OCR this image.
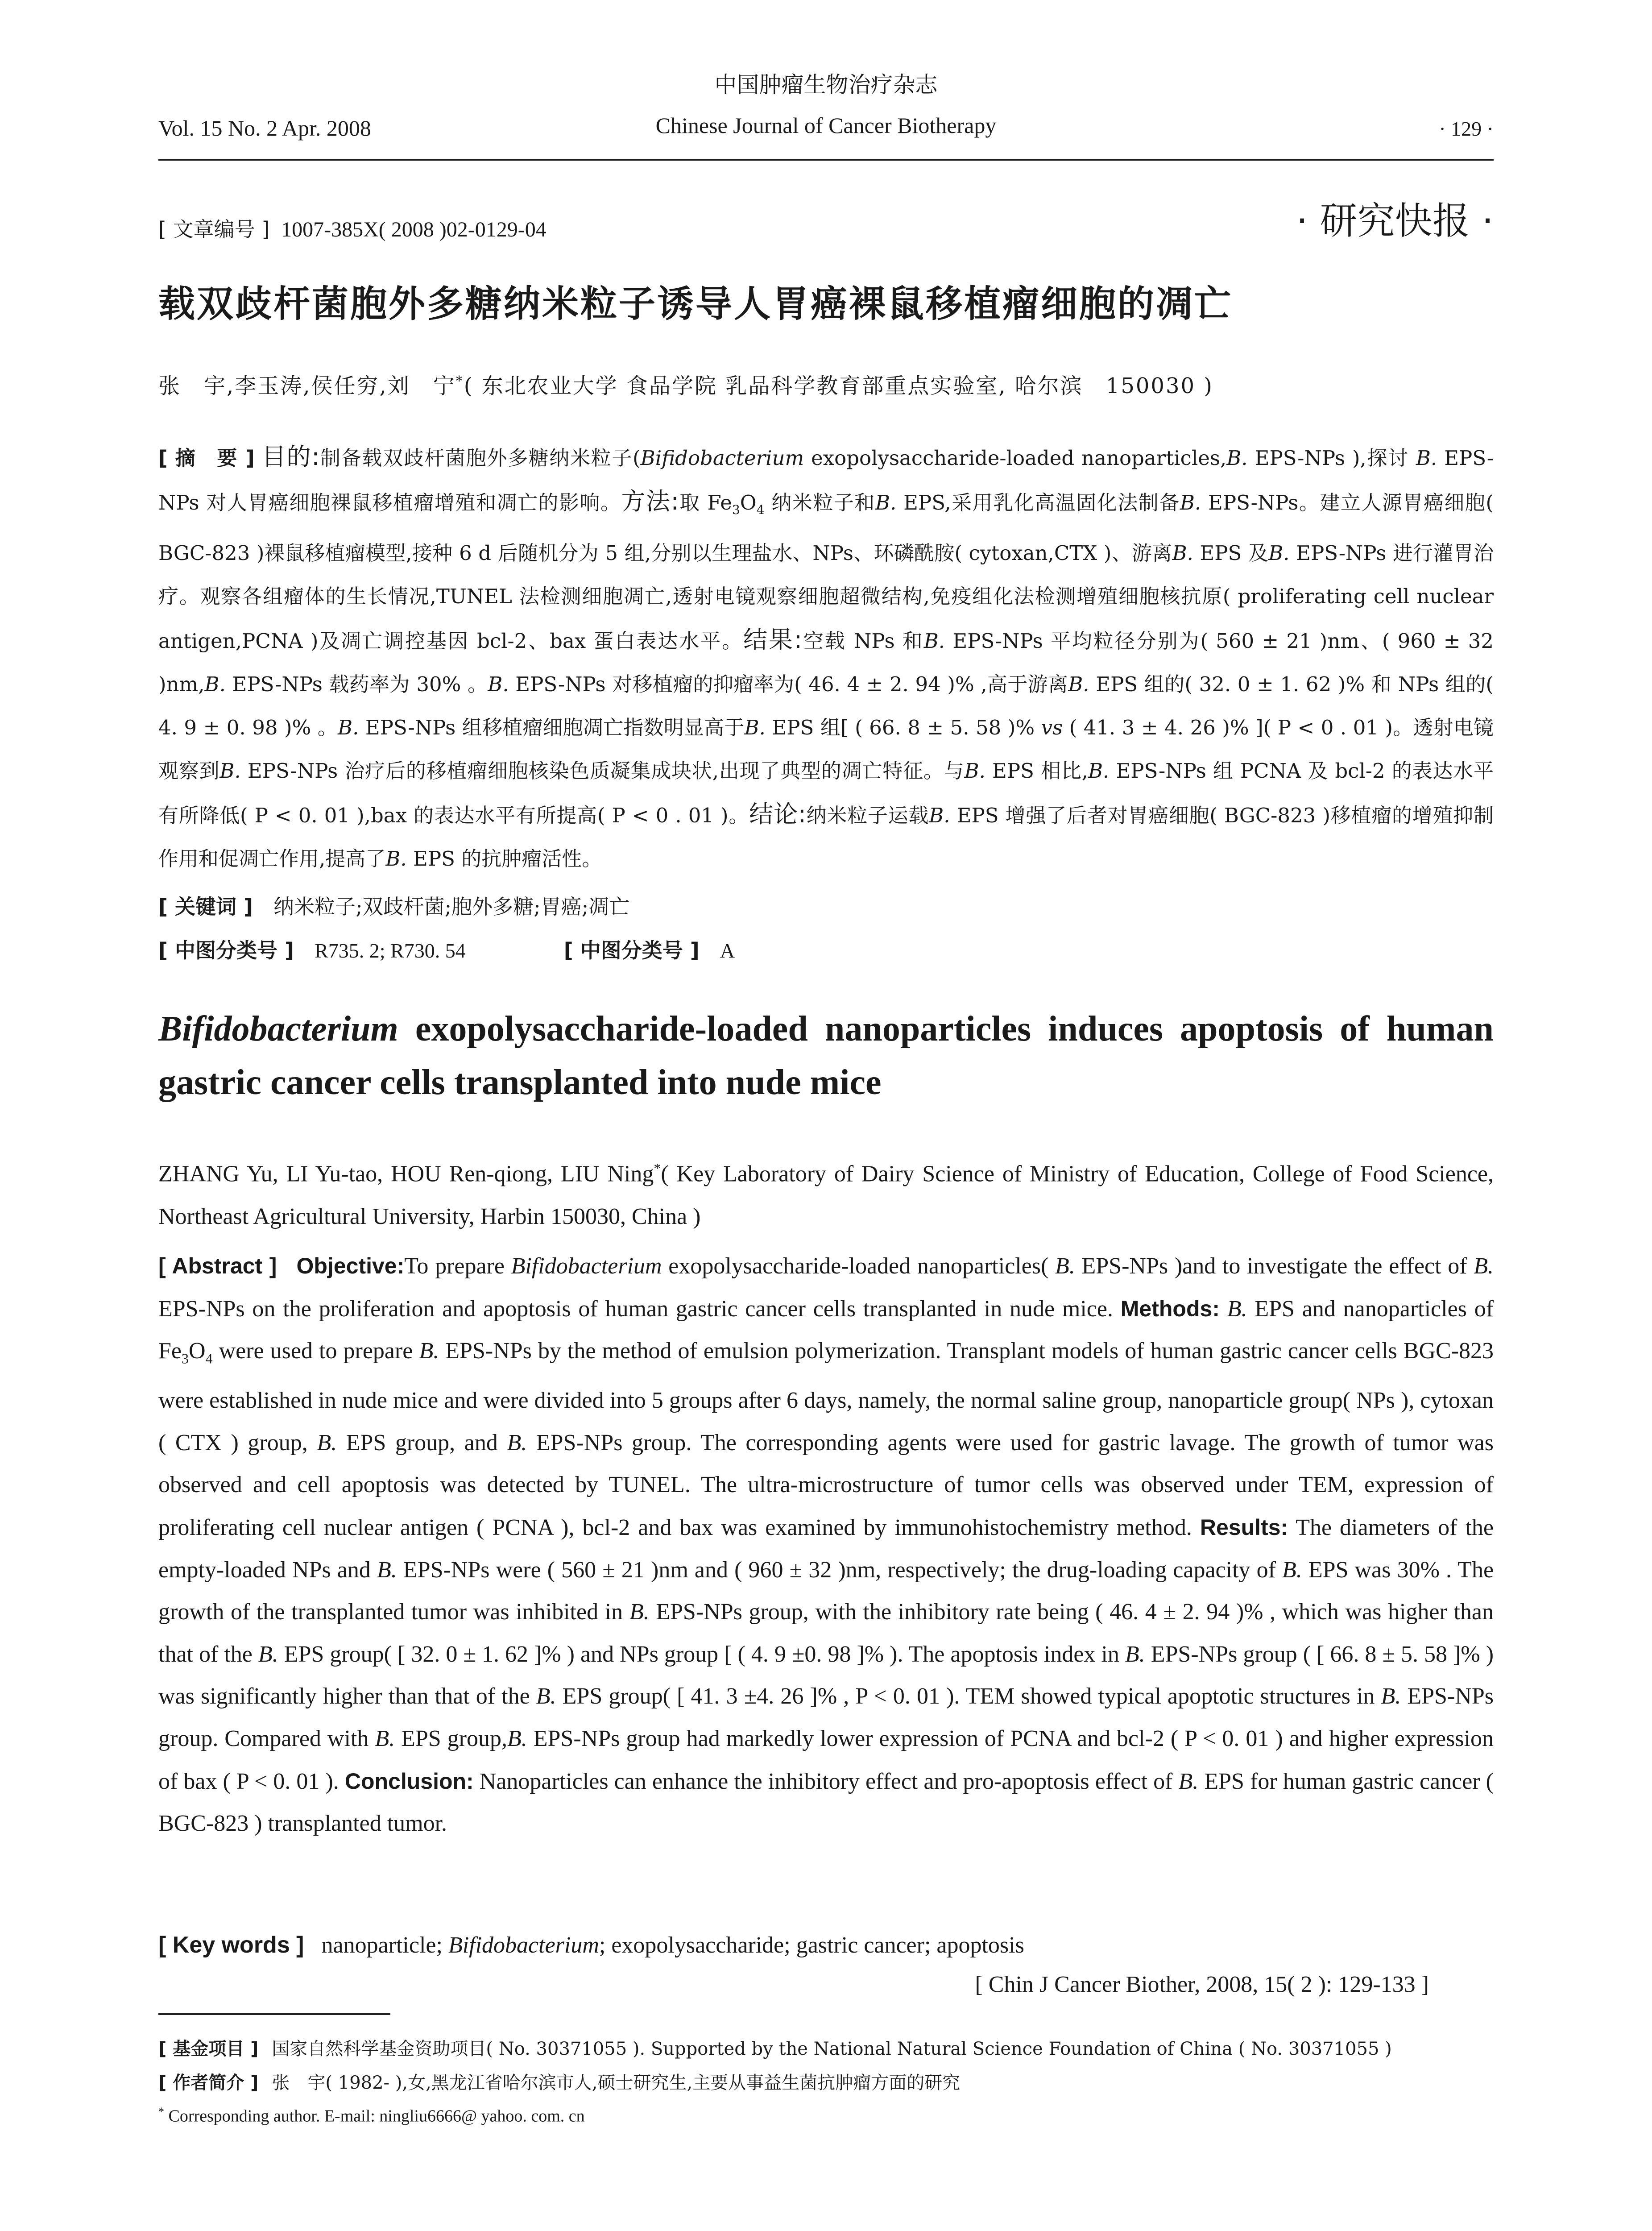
中国肿瘤生物治疗杂志
Vol. 15 No. 2 Apr. 2008	Chinese Journal of Cancer Biotherapy	· 129 ·
[ 文章编号 ] 1007-385X( 2008 )02-0129-04	· 研究快报 ·
载双歧杆菌胞外多糖纳米粒子诱导人胃癌裸鼠移植瘤细胞的凋亡
张　宇,李玉涛,侯任穷,刘　宁*( 东北农业大学 食品学院 乳品科学教育部重点实验室, 哈尔滨　150030 )
[ 摘　要 ] 目的:制备载双歧杆菌胞外多糖纳米粒子(Bifidobacterium exopolysaccharide-loaded nanoparticles,B. EPS-NPs ),探讨 B. EPS-NPs 对人胃癌细胞裸鼠移植瘤增殖和凋亡的影响。方法:取 $Fe_3O_4$ 纳米粒子和B. EPS,采用乳化高温固化法制备B. EPS-NPs。建立人源胃癌细胞( BGC-823 )裸鼠移植瘤模型,接种 6 d 后随机分为 5 组,分别以生理盐水、NPs、环磷酰胺( cytoxan,CTX )、游离B. EPS 及B. EPS-NPs 进行灌胃治疗。观察各组瘤体的生长情况,TUNEL 法检测细胞凋亡,透射电镜观察细胞超微结构,免疫组化法检测增殖细胞核抗原( proliferating cell nuclear antigen,PCNA )及凋亡调控基因 bcl-2、bax 蛋白表达水平。结果:空载 NPs 和B. EPS-NPs 平均粒径分别为( 560 ± 21 )nm、( 960 ± 32 )nm,B. EPS-NPs 载药率为 30% 。B. EPS-NPs 对移植瘤的抑瘤率为( 46. 4 ± 2. 94 )% ,高于游离B. EPS 组的( 32. 0 ± 1. 62 )% 和 NPs 组的( 4. 9 ± 0. 98 )% 。B. EPS-NPs 组移植瘤细胞凋亡指数明显高于B. EPS 组[ ( 66. 8 ± 5. 58 )% vs ( 41. 3 ± 4. 26 )% ]( P < 0 . 01 )。透射电镜观察到B. EPS-NPs 治疗后的移植瘤细胞核染色质凝集成块状,出现了典型的凋亡特征。与B. EPS 相比,B. EPS-NPs 组 PCNA 及 bcl-2 的表达水平有所降低( P < 0. 01 ),bax 的表达水平有所提高( P < 0 . 01 )。结论:纳米粒子运载B. EPS 增强了后者对胃癌细胞( BGC-823 )移植瘤的增殖抑制作用和促凋亡作用,提高了B. EPS 的抗肿瘤活性。
[ 关键词 ]　 纳米粒子;双歧杆菌;胞外多糖;胃癌;凋亡
[ 中图分类号 ]　 R735. 2; R730. 54	[ 中图分类号 ]　 A
Bifidobacterium exopolysaccharide-loaded nanoparticles induces apoptosis of human gastric cancer cells transplanted into nude mice
ZHANG Yu, LI Yu-tao, HOU Ren-qiong, LIU Ning*( Key Laboratory of Dairy Science of Ministry of Education, College of Food Science, Northeast Agricultural University, Harbin 150030, China )
[ Abstract ] Objective:To prepare Bifidobacterium exopolysaccharide-loaded nanoparticles( B. EPS-NPs )and to investigate the effect of B. EPS-NPs on the proliferation and apoptosis of human gastric cancer cells transplanted in nude mice. Methods: B. EPS and nanoparticles of $Fe_3O_4$ were used to prepare B. EPS-NPs by the method of emulsion polymerization. Transplant models of human gastric cancer cells BGC-823 were established in nude mice and were divided into 5 groups after 6 days, namely, the normal saline group, nanoparticle group( NPs ), cytoxan ( CTX ) group, B. EPS group, and B. EPS-NPs group. The corresponding agents were used for gastric lavage. The growth of tumor was observed and cell apoptosis was detected by TUNEL. The ultra-microstructure of tumor cells was observed under TEM, expression of proliferating cell nuclear antigen ( PCNA ), bcl-2 and bax was examined by immunohistochemistry method. Results: The diameters of the empty-loaded NPs and B. EPS-NPs were ( 560 ± 21 )nm and ( 960 ± 32 )nm, respectively; the drug-loading capacity of B. EPS was 30% . The growth of the transplanted tumor was inhibited in B. EPS-NPs group, with the inhibitory rate being ( 46. 4 ± 2. 94 )% , which was higher than that of the B. EPS group( [ 32. 0 ± 1. 62 ]% ) and NPs group [ ( 4. 9 ±0. 98 ]% ). The apoptosis index in B. EPS-NPs group ( [ 66. 8 ± 5. 58 ]% ) was significantly higher than that of the B. EPS group( [ 41. 3 ±4. 26 ]% , P < 0. 01 ). TEM showed typical apoptotic structures in B. EPS-NPs group. Compared with B. EPS group,B. EPS-NPs group had markedly lower expression of PCNA and bcl-2 ( P < 0. 01 ) and higher expression of bax ( P < 0. 01 ). Conclusion: Nanoparticles can enhance the inhibitory effect and pro-apoptosis effect of B. EPS for human gastric cancer ( BGC-823 ) transplanted tumor.
[ Key words ] nanoparticle; Bifidobacterium; exopolysaccharide; gastric cancer; apoptosis
[ Chin J Cancer Biother, 2008, 15( 2 ): 129-133 ]
[ 基金项目 ] 国家自然科学基金资助项目( No. 30371055 ). Supported by the National Natural Science Foundation of China ( No. 30371055 )
[ 作者简介 ] 张　宇( 1982- ),女,黑龙江省哈尔滨市人,硕士研究生,主要从事益生菌抗肿瘤方面的研究
* Corresponding author. E-mail: ningliu6666@ yahoo. com. cn
